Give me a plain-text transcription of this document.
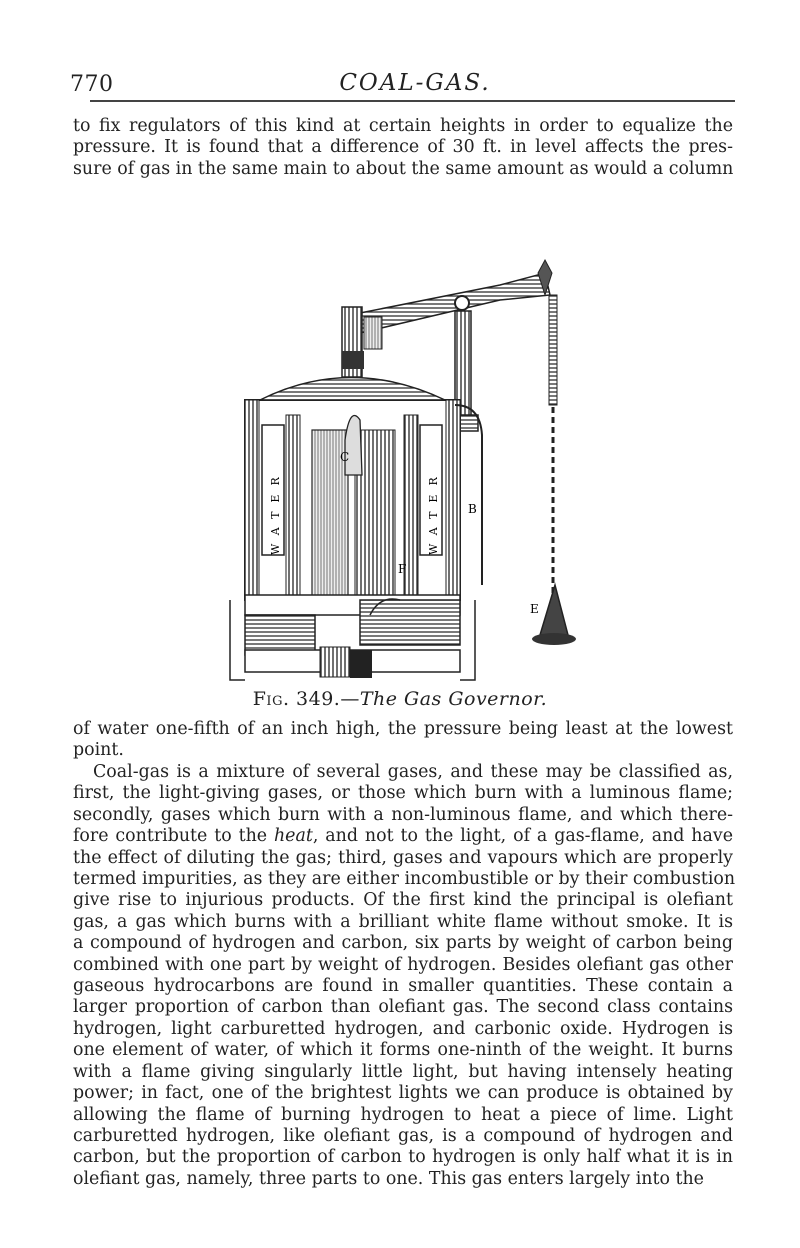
770	COAL-GAS.

to fix regulators of this kind at certain heights in order to equalize the
pressure. It is found that a difference of 30 ft. in level affects the pres-
sure of gas in the same main to about the same amount as would a column

E
C
B
F
WATER	WATER
Fig. 349.—The Gas Governor.

of water one-fifth of an inch high, the pressure being least at the lowest
point.

Coal-gas is a mixture of several gases, and these may be classified as,
first, the light-giving gases, or those which burn with a luminous flame;
secondly, gases which burn with a non-luminous flame, and which there-
fore contribute to the heat, and not to the light, of a gas-flame, and have
the effect of diluting the gas; third, gases and vapours which are properly
termed impurities, as they are either incombustible or by their combustion
give rise to injurious products. Of the first kind the principal is olefiant
gas, a gas which burns with a brilliant white flame without smoke. It is
a compound of hydrogen and carbon, six parts by weight of carbon being
combined with one part by weight of hydrogen. Besides olefiant gas other
gaseous hydrocarbons are found in smaller quantities. These contain a
larger proportion of carbon than olefiant gas. The second class contains
hydrogen, light carburetted hydrogen, and carbonic oxide. Hydrogen is
one element of water, of which it forms one-ninth of the weight. It burns
with a flame giving singularly little light, but having intensely heating
power; in fact, one of the brightest lights we can produce is obtained by
allowing the flame of burning hydrogen to heat a piece of lime. Light
carburetted hydrogen, like olefiant gas, is a compound of hydrogen and
carbon, but the proportion of carbon to hydrogen is only half what it is in
olefiant gas, namely, three parts to one. This gas enters largely into the
